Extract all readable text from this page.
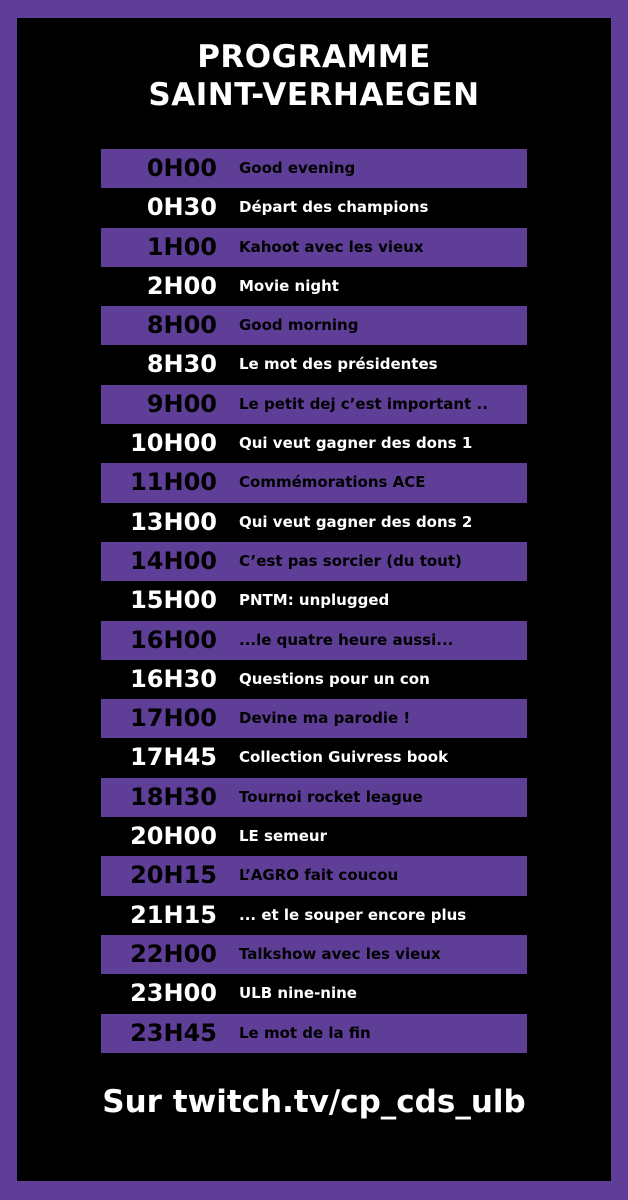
PROGRAMME
SAINT-VERHAEGEN
0H00 Good evening
0H30 Départ des champions
1H00 Kahoot avec les vieux
2H00 Movie night
8H00 Good morning
8H30 Le mot des présidentes
9H00 Le petit dej c’est important ..
10H00 Qui veut gagner des dons 1
11H00 Commémorations ACE
13H00 Qui veut gagner des dons 2
14H00 C’est pas sorcier (du tout)
15H00 PNTM: unplugged
16H00 ...le quatre heure aussi...
16H30 Questions pour un con
17H00 Devine ma parodie !
17H45 Collection Guivress book
18H30 Tournoi rocket league
20H00 LE semeur
20H15 L’AGRO fait coucou
21H15 ... et le souper encore plus
22H00 Talkshow avec les vieux
23H00 ULB nine-nine
23H45 Le mot de la fin
Sur twitch.tv/cp_cds_ulb
